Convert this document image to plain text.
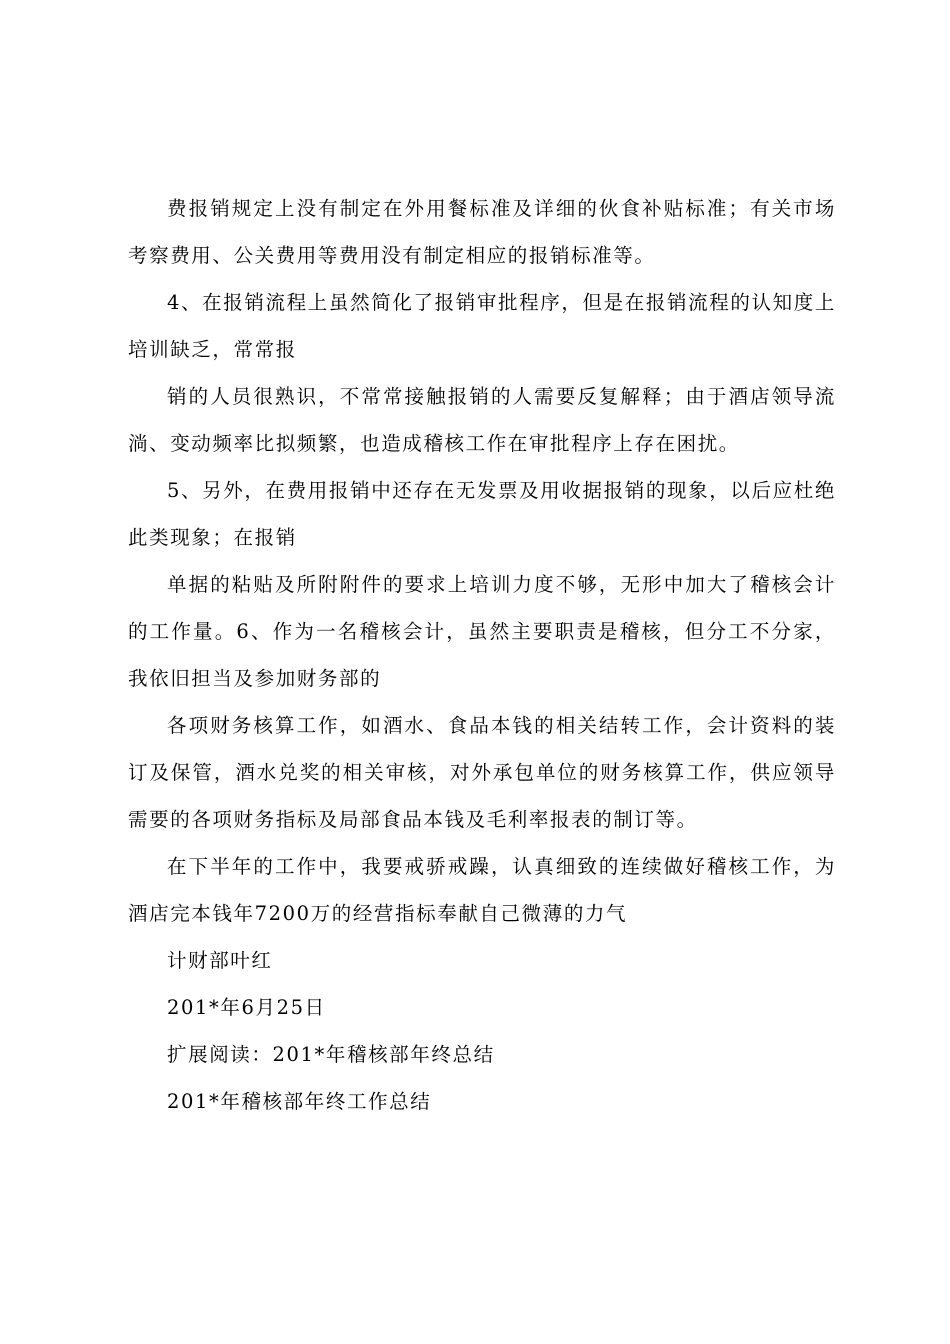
费报销规定上没有制定在外用餐标准及详细的伙食补贴标准；有关市场考察费用、公关费用等费用没有制定相应的报销标准等。

4、在报销流程上虽然简化了报销审批程序，但是在报销流程的认知度上培训缺乏，常常报

销的人员很熟识，不常常接触报销的人需要反复解释；由于酒店领导流淌、变动频率比拟频繁，也造成稽核工作在审批程序上存在困扰。

5、另外，在费用报销中还存在无发票及用收据报销的现象，以后应杜绝此类现象；在报销

单据的粘贴及所附附件的要求上培训力度不够，无形中加大了稽核会计的工作量。6、作为一名稽核会计，虽然主要职责是稽核，但分工不分家，我依旧担当及参加财务部的

各项财务核算工作，如酒水、食品本钱的相关结转工作，会计资料的装订及保管，酒水兑奖的相关审核，对外承包单位的财务核算工作，供应领导需要的各项财务指标及局部食品本钱及毛利率报表的制订等。

在下半年的工作中，我要戒骄戒躁，认真细致的连续做好稽核工作，为酒店完本钱年7200万的经营指标奉献自己微薄的力气

计财部叶红

201*年6月25日

扩展阅读：201*年稽核部年终总结

201*年稽核部年终工作总结
